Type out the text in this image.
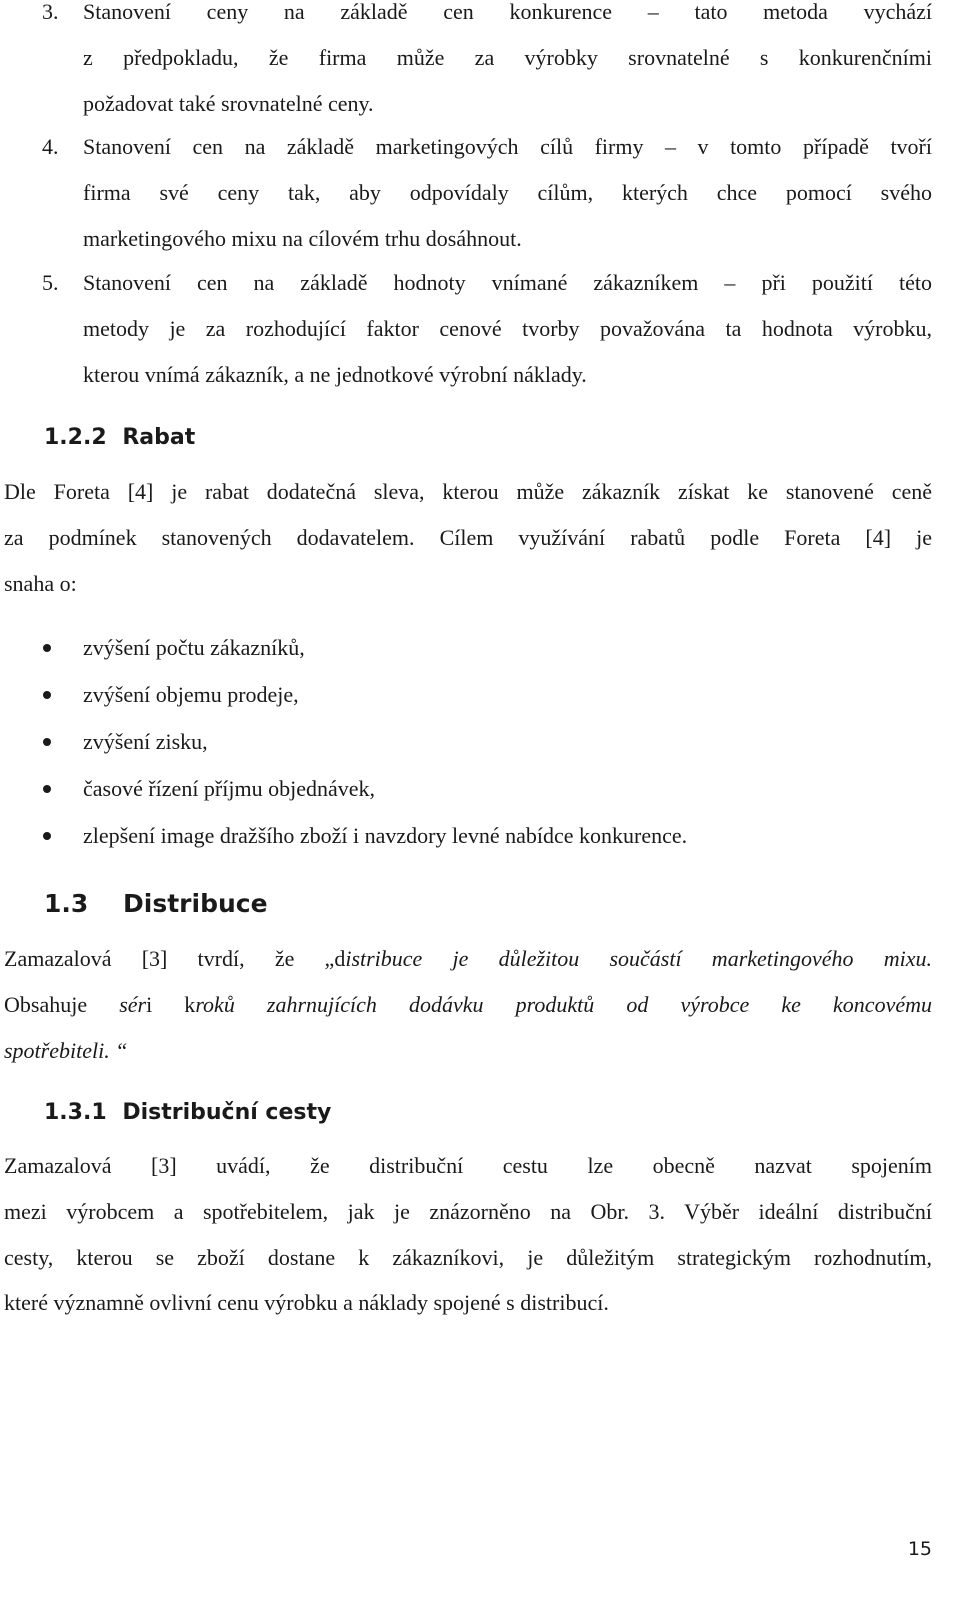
3. Stanovení ceny na základě cen konkurence – tato metoda vychází
z předpokladu, že firma může za výrobky srovnatelné s konkurenčními
požadovat také srovnatelné ceny.
4. Stanovení cen na základě marketingových cílů firmy – v tomto případě tvoří
firma své ceny tak, aby odpovídaly cílům, kterých chce pomocí svého
marketingového mixu na cílovém trhu dosáhnout.
5. Stanovení cen na základě hodnoty vnímané zákazníkem – při použití této
metody je za rozhodující faktor cenové tvorby považována ta hodnota výrobku,
kterou vnímá zákazník, a ne jednotkové výrobní náklady.
1.2.2 Rabat
Dle Foreta [4] je rabat dodatečná sleva, kterou může zákazník získat ke stanovené ceně
za podmínek stanovených dodavatelem. Cílem využívání rabatů podle Foreta [4] je
snaha o:
zvýšení počtu zákazníků,
zvýšení objemu prodeje,
zvýšení zisku,
časové řízení příjmu objednávek,
zlepšení image dražšího zboží i navzdory levné nabídce konkurence.
1.3 Distribuce
Zamazalová [3] tvrdí, že „distribuce je důležitou součástí marketingového mixu.
Obsahuje séri kroků zahrnujících dodávku produktů od výrobce ke koncovému
spotřebiteli. “
1.3.1 Distribuční cesty
Zamazalová [3] uvádí, že distribuční cestu lze obecně nazvat spojením
mezi výrobcem a spotřebitelem, jak je znázorněno na Obr. 3. Výběr ideální distribuční
cesty, kterou se zboží dostane k zákazníkovi, je důležitým strategickým rozhodnutím,
které významně ovlivní cenu výrobku a náklady spojené s distribucí.
15
